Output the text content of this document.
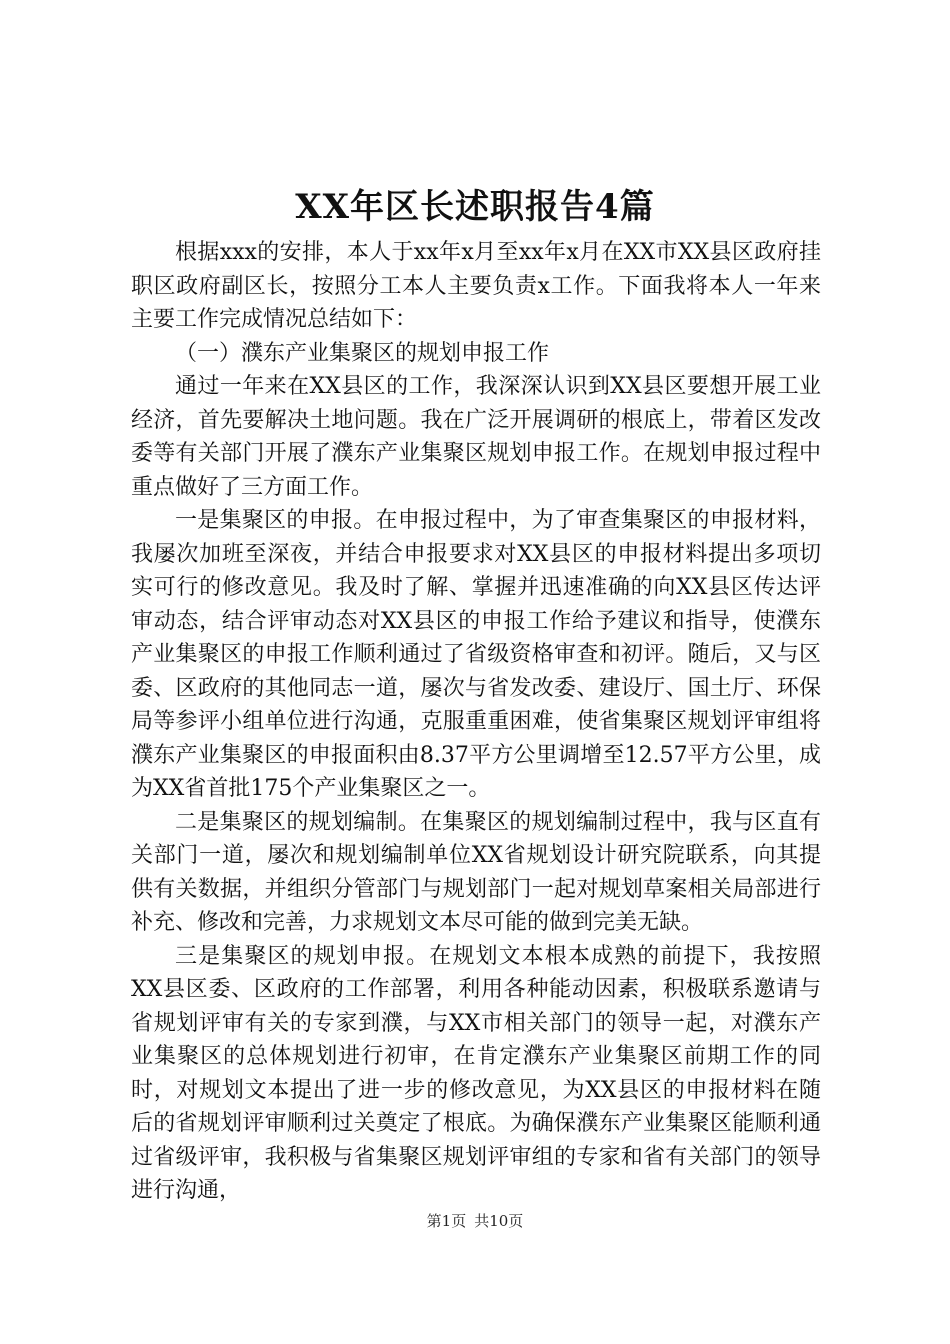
XX年区长述职报告4篇

根据xxx的安排，本人于xx年x月至xx年x月在XX市XX县区政府挂职区政府副区长，按照分工本人主要负责x工作。下面我将本人一年来主要工作完成情况总结如下：

（一）濮东产业集聚区的规划申报工作

通过一年来在XX县区的工作，我深深认识到XX县区要想开展工业经济，首先要解决土地问题。我在广泛开展调研的根底上，带着区发改委等有关部门开展了濮东产业集聚区规划申报工作。在规划申报过程中重点做好了三方面工作。

一是集聚区的申报。在申报过程中，为了审查集聚区的申报材料，我屡次加班至深夜，并结合申报要求对XX县区的申报材料提出多项切实可行的修改意见。我及时了解、掌握并迅速准确的向XX县区传达评审动态，结合评审动态对XX县区的申报工作给予建议和指导，使濮东产业集聚区的申报工作顺利通过了省级资格审查和初评。随后，又与区委、区政府的其他同志一道，屡次与省发改委、建设厅、国土厅、环保局等参评小组单位进行沟通，克服重重困难，使省集聚区规划评审组将濮东产业集聚区的申报面积由8.37平方公里调增至12.57平方公里，成为XX省首批175个产业集聚区之一。

二是集聚区的规划编制。在集聚区的规划编制过程中，我与区直有关部门一道，屡次和规划编制单位XX省规划设计研究院联系，向其提供有关数据，并组织分管部门与规划部门一起对规划草案相关局部进行补充、修改和完善，力求规划文本尽可能的做到完美无缺。

三是集聚区的规划申报。在规划文本根本成熟的前提下，我按照XX县区委、区政府的工作部署，利用各种能动因素，积极联系邀请与省规划评审有关的专家到濮，与XX市相关部门的领导一起，对濮东产业集聚区的总体规划进行初审，在肯定濮东产业集聚区前期工作的同时，对规划文本提出了进一步的修改意见，为XX县区的申报材料在随后的省规划评审顺利过关奠定了根底。为确保濮东产业集聚区能顺利通过省级评审，我积极与省集聚区规划评审组的专家和省有关部门的领导进行沟通，

第1页 共10页
